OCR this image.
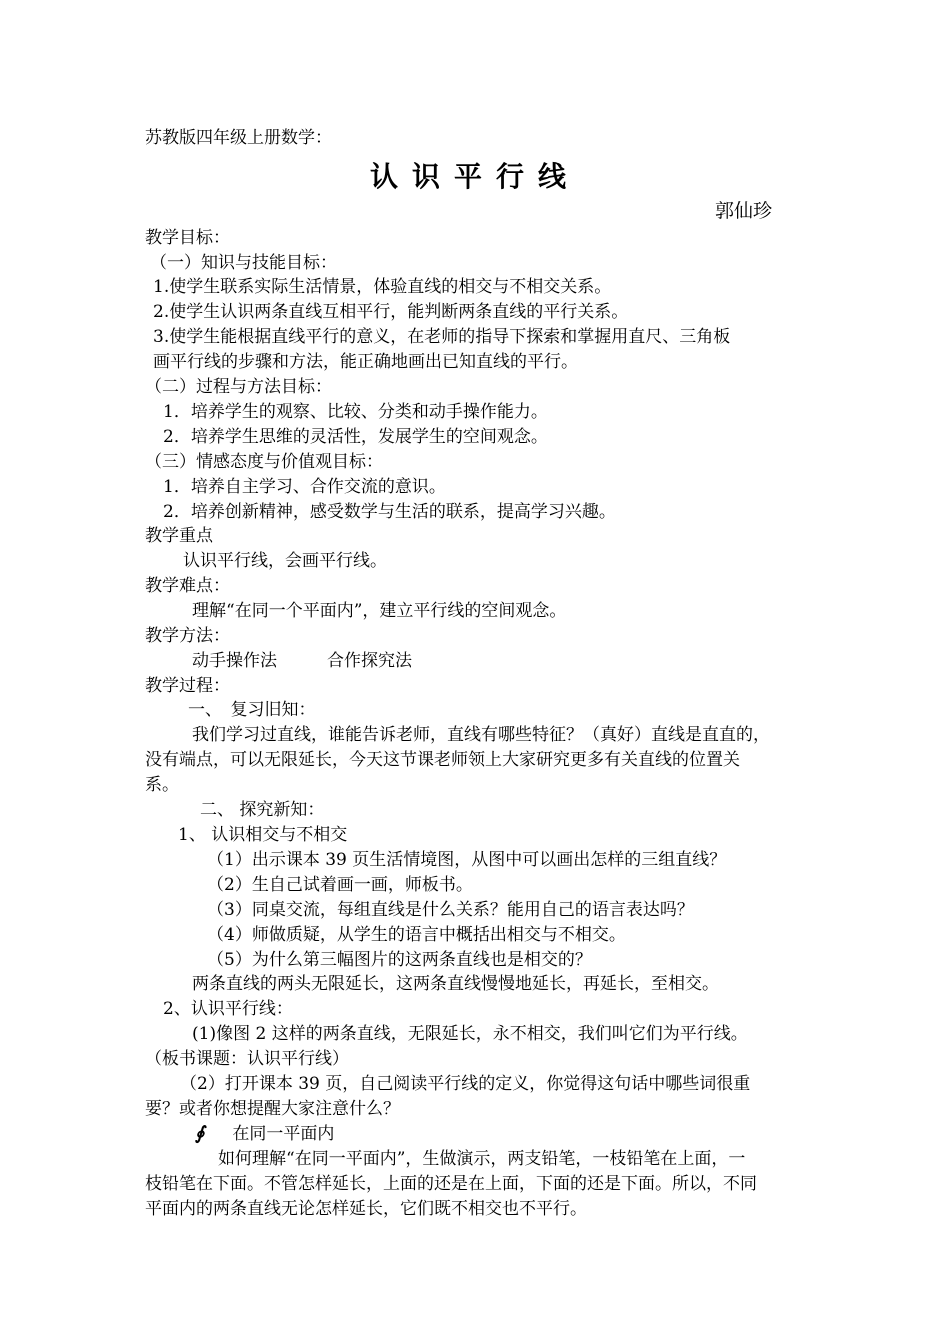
苏教版四年级上册数学：
认识平行线
郭仙珍
教学目标：
（一）知识与技能目标：
1.使学生联系实际生活情景，体验直线的相交与不相交关系。
2.使学生认识两条直线互相平行，能判断两条直线的平行关系。
3.使学生能根据直线平行的意义，在老师的指导下探索和掌握用直尺、三角板
画平行线的步骤和方法，能正确地画出已知直线的平行。
（二）过程与方法目标：
1．培养学生的观察、比较、分类和动手操作能力。
2．培养学生思维的灵活性，发展学生的空间观念。
（三）情感态度与价值观目标：
1．培养自主学习、合作交流的意识。
2．培养创新精神，感受数学与生活的联系，提高学习兴趣。
教学重点
认识平行线，会画平行线。
教学难点：
理解“在同一个平面内”，建立平行线的空间观念。
教学方法：
动手操作法	合作探究法
教学过程：
一、　复习旧知：
我们学习过直线，谁能告诉老师，直线有哪些特征？（真好）直线是直直的，
没有端点，可以无限延长，今天这节课老师领上大家研究更多有关直线的位置关
系。
二、 探究新知：
1、 认识相交与不相交
（1）出示课本 39 页生活情境图，从图中可以画出怎样的三组直线？
（2）生自己试着画一画，师板书。
（3）同桌交流，每组直线是什么关系？能用自己的语言表达吗？
（4）师做质疑，从学生的语言中概括出相交与不相交。
（5）为什么第三幅图片的这两条直线也是相交的？
两条直线的两头无限延长，这两条直线慢慢地延长，再延长，至相交。
2、认识平行线：
(1)像图 2 这样的两条直线，无限延长，永不相交，我们叫它们为平行线。
（板书课题：认识平行线）
（2）打开课本 39 页，自己阅读平行线的定义，你觉得这句话中哪些词很重
要？或者你想提醒大家注意什么？
∮ 在同一平面内
如何理解“在同一平面内”，生做演示，两支铅笔，一枝铅笔在上面，一
枝铅笔在下面。不管怎样延长，上面的还是在上面，下面的还是下面。所以，不同
平面内的两条直线无论怎样延长，它们既不相交也不平行。
